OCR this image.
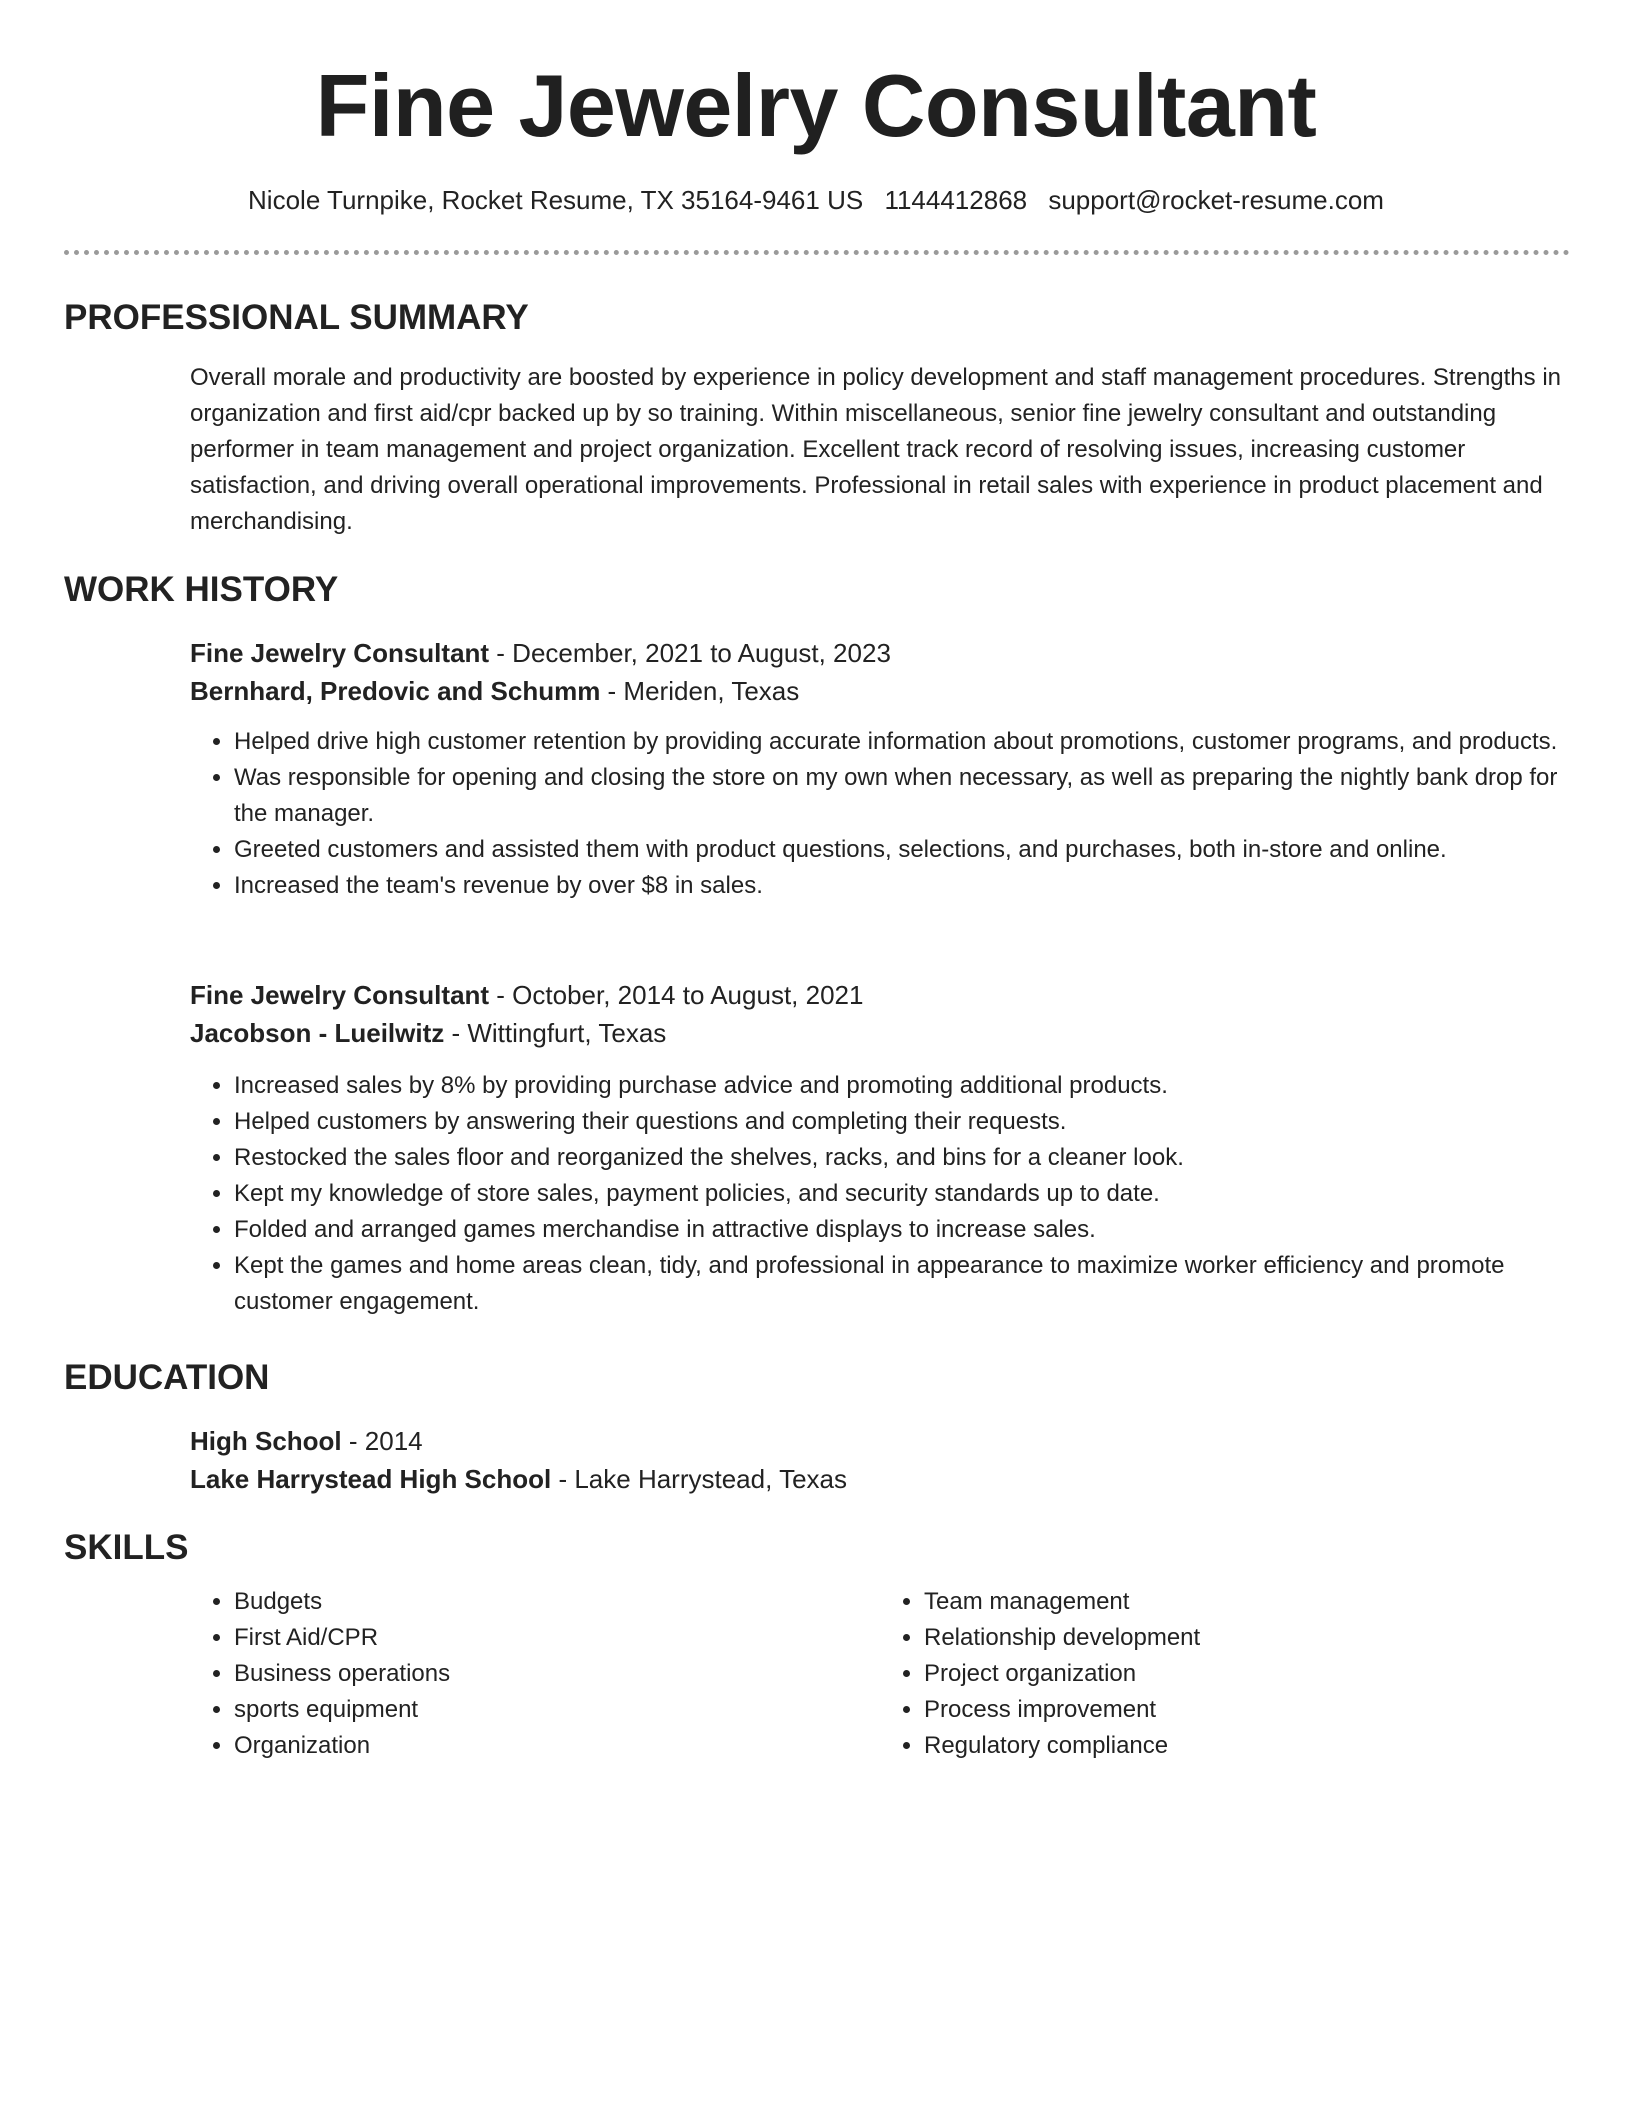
Fine Jewelry Consultant
Nicole Turnpike, Rocket Resume, TX 35164-9461 US 1144412868 support@rocket-resume.com
PROFESSIONAL SUMMARY

Overall morale and productivity are boosted by experience in policy development and staff management procedures. Strengths in organization and first aid/cpr backed up by so training. Within miscellaneous, senior fine jewelry consultant and outstanding performer in team management and project organization. Excellent track record of resolving issues, increasing customer satisfaction, and driving overall operational improvements. Professional in retail sales with experience in product placement and merchandising.

WORK HISTORY
Fine Jewelry Consultant - December, 2021 to August, 2023
Bernhard, Predovic and Schumm - Meriden, Texas
• Helped drive high customer retention by providing accurate information about promotions, customer programs, and products.
• Was responsible for opening and closing the store on my own when necessary, as well as preparing the nightly bank drop for the manager.
• Greeted customers and assisted them with product questions, selections, and purchases, both in-store and online.
• Increased the team's revenue by over $8 in sales.
Fine Jewelry Consultant - October, 2014 to August, 2021
Jacobson - Lueilwitz - Wittingfurt, Texas
• Increased sales by 8% by providing purchase advice and promoting additional products.
• Helped customers by answering their questions and completing their requests.
• Restocked the sales floor and reorganized the shelves, racks, and bins for a cleaner look.
• Kept my knowledge of store sales, payment policies, and security standards up to date.
• Folded and arranged games merchandise in attractive displays to increase sales.
• Kept the games and home areas clean, tidy, and professional in appearance to maximize worker efficiency and promote customer engagement.
EDUCATION
High School - 2014
Lake Harrystead High School - Lake Harrystead, Texas
SKILLS
• Budgets
• First Aid/CPR
• Business operations
• sports equipment
• Organization
• Team management
• Relationship development
• Project organization
• Process improvement
• Regulatory compliance
